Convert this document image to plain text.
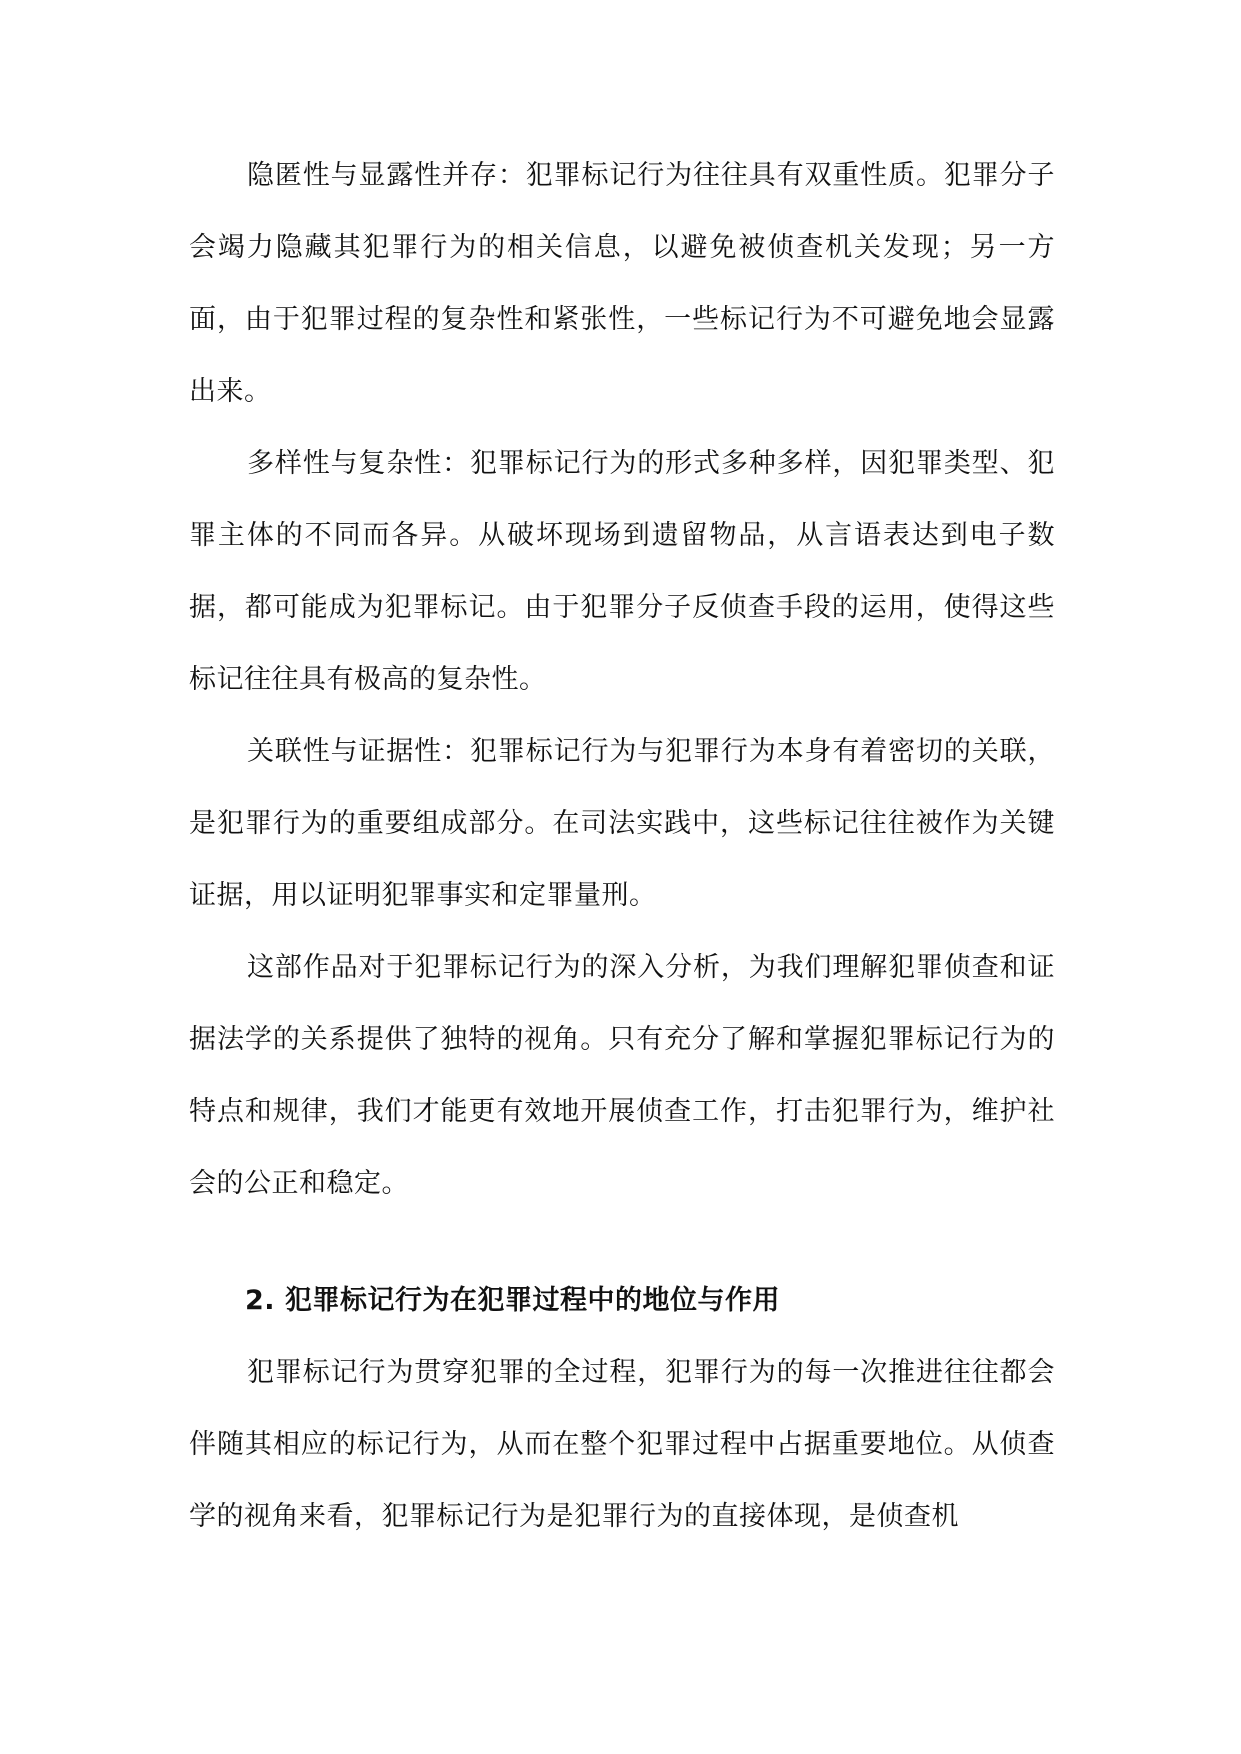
隐匿性与显露性并存：犯罪标记行为往往具有双重性质。犯罪分子会竭力隐藏其犯罪行为的相关信息，以避免被侦查机关发现；另一方面，由于犯罪过程的复杂性和紧张性，一些标记行为不可避免地会显露出来。

多样性与复杂性：犯罪标记行为的形式多种多样，因犯罪类型、犯罪主体的不同而各异。从破坏现场到遗留物品，从言语表达到电子数据，都可能成为犯罪标记。由于犯罪分子反侦查手段的运用，使得这些标记往往具有极高的复杂性。

关联性与证据性：犯罪标记行为与犯罪行为本身有着密切的关联，是犯罪行为的重要组成部分。在司法实践中，这些标记往往被作为关键证据，用以证明犯罪事实和定罪量刑。

这部作品对于犯罪标记行为的深入分析，为我们理解犯罪侦查和证据法学的关系提供了独特的视角。只有充分了解和掌握犯罪标记行为的特点和规律，我们才能更有效地开展侦查工作，打击犯罪行为，维护社会的公正和稳定。

2. 犯罪标记行为在犯罪过程中的地位与作用

犯罪标记行为贯穿犯罪的全过程，犯罪行为的每一次推进往往都会伴随其相应的标记行为，从而在整个犯罪过程中占据重要地位。从侦查学的视角来看，犯罪标记行为是犯罪行为的直接体现，是侦查机
